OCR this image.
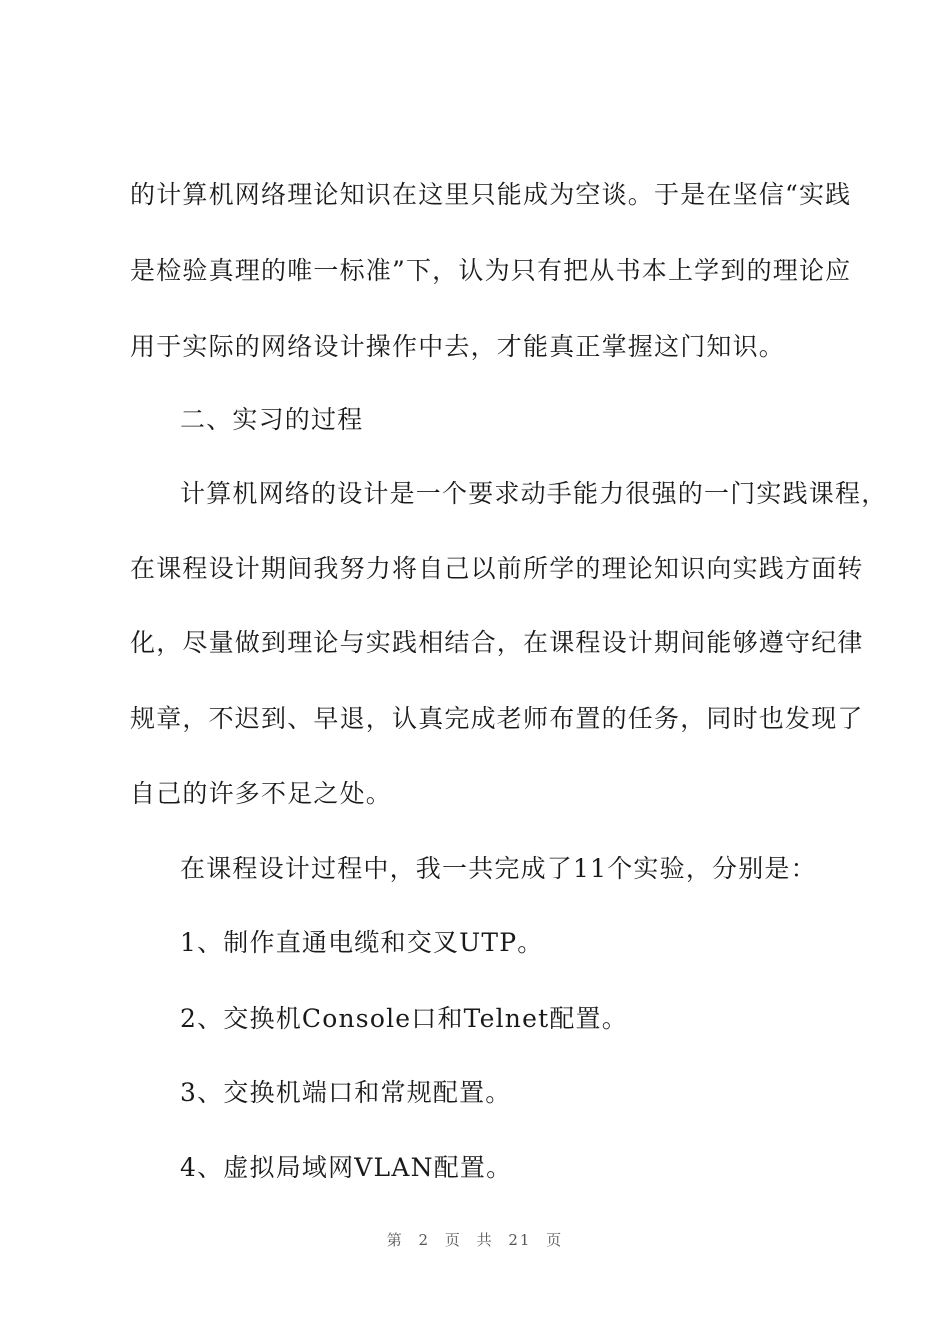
的计算机网络理论知识在这里只能成为空谈。于是在坚信“实践
是检验真理的唯一标准”下，认为只有把从书本上学到的理论应
用于实际的网络设计操作中去，才能真正掌握这门知识。
二、实习的过程
计算机网络的设计是一个要求动手能力很强的一门实践课程，
在课程设计期间我努力将自己以前所学的理论知识向实践方面转
化，尽量做到理论与实践相结合，在课程设计期间能够遵守纪律
规章，不迟到、早退，认真完成老师布置的任务，同时也发现了
自己的许多不足之处。
在课程设计过程中，我一共完成了11个实验，分别是：
1、制作直通电缆和交叉UTP。
2、交换机Console口和Telnet配置。
3、交换机端口和常规配置。
4、虚拟局域网VLAN配置。
第 2 页 共 21 页
